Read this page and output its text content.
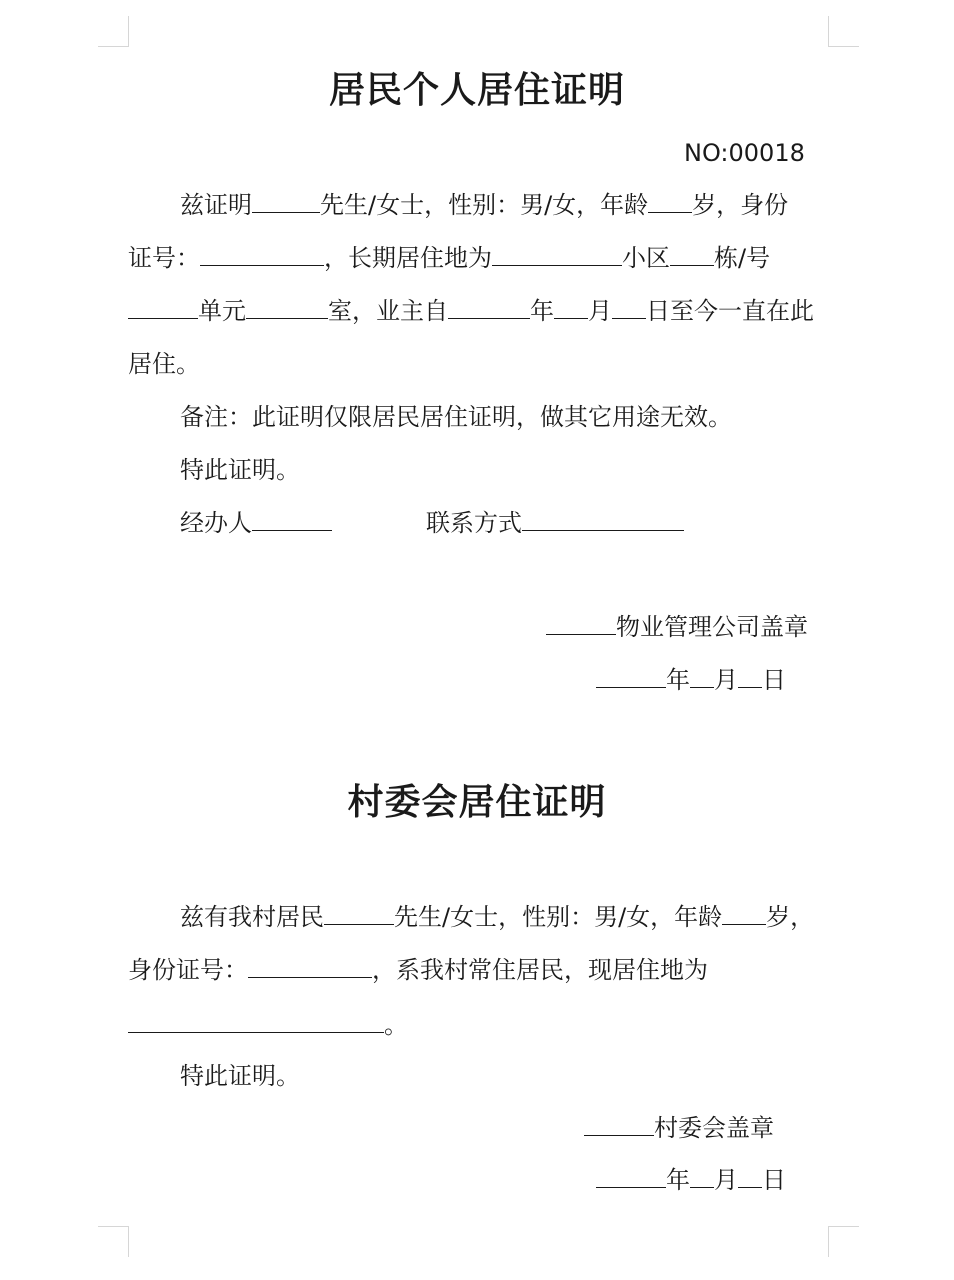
居民个人居住证明
NO:00018
兹证明	先生/女士，性别：男/女，年龄 岁，身份
证号：	，长期居住地为	小区 栋/号
单元	室，业主自	年 月 日至今一直在此
居住。
备注：此证明仅限居民居住证明，做其它用途无效。
特此证明。
经办人	联系方式
物业管理公司盖章
年 月 日
村委会居住证明
兹有我村居民	先生/女士，性别：男/女，年龄 岁，
身份证号：	，系我村常住居民，现居住地为
。
特此证明。
村委会盖章
年 月 日
